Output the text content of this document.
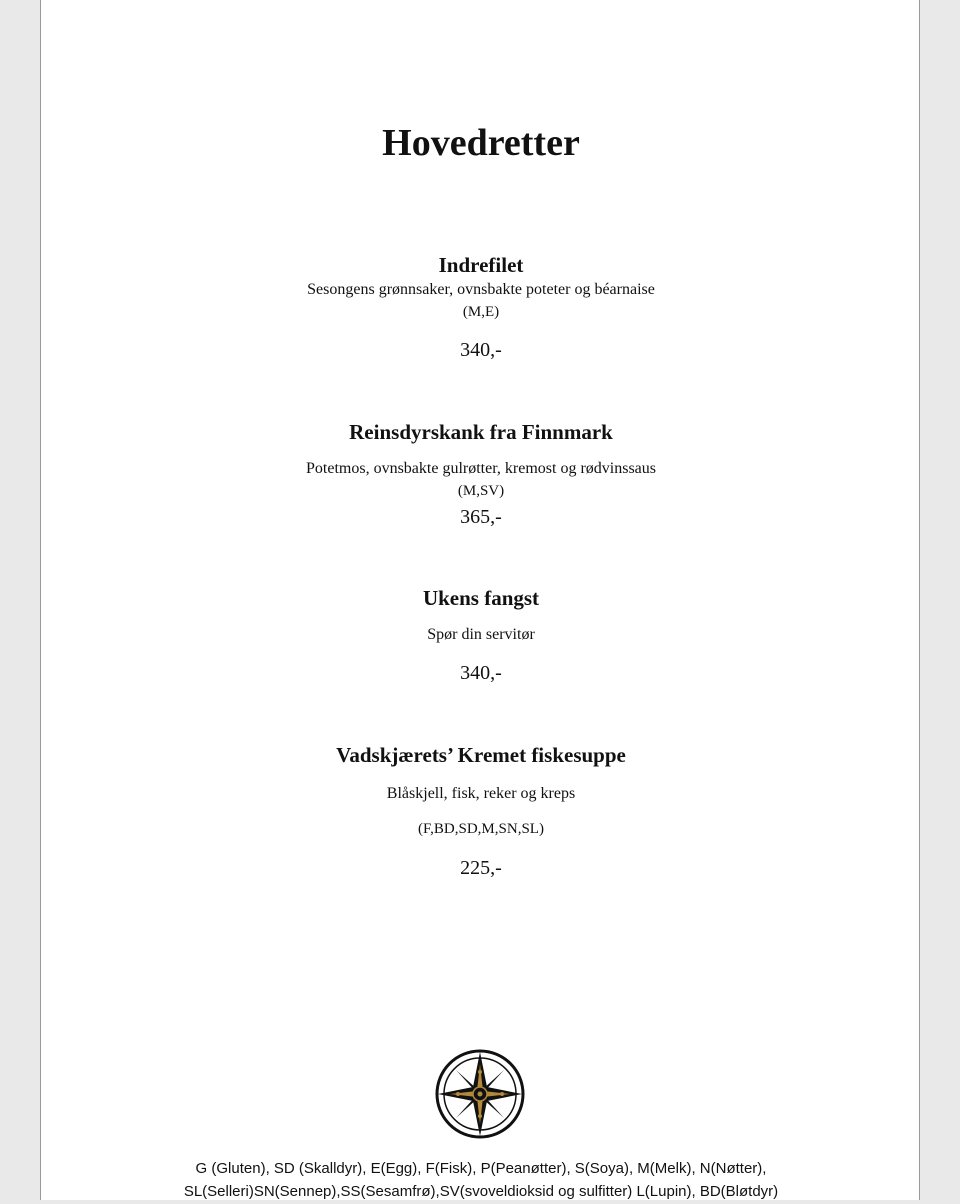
Hovedretter
Indrefilet
Sesongens grønnsaker, ovnsbakte poteter og béarnaise
(M,E)
340,-
Reinsdyrskank fra Finnmark
Potetmos, ovnsbakte gulrøtter, kremost og rødvinssaus
(M,SV)
365,-
Ukens fangst
Spør din servitør
340,-
Vadskjærets’ Kremet fiskesuppe
Blåskjell, fisk, reker og kreps
(F,BD,SD,M,SN,SL)
225,-
G (Gluten), SD (Skalldyr), E(Egg), F(Fisk), P(Peanøtter), S(Soya), M(Melk), N(Nøtter),
SL(Selleri)SN(Sennep),SS(Sesamfrø),SV(svoveldioksid og sulfitter) L(Lupin), BD(Bløtdyr)
